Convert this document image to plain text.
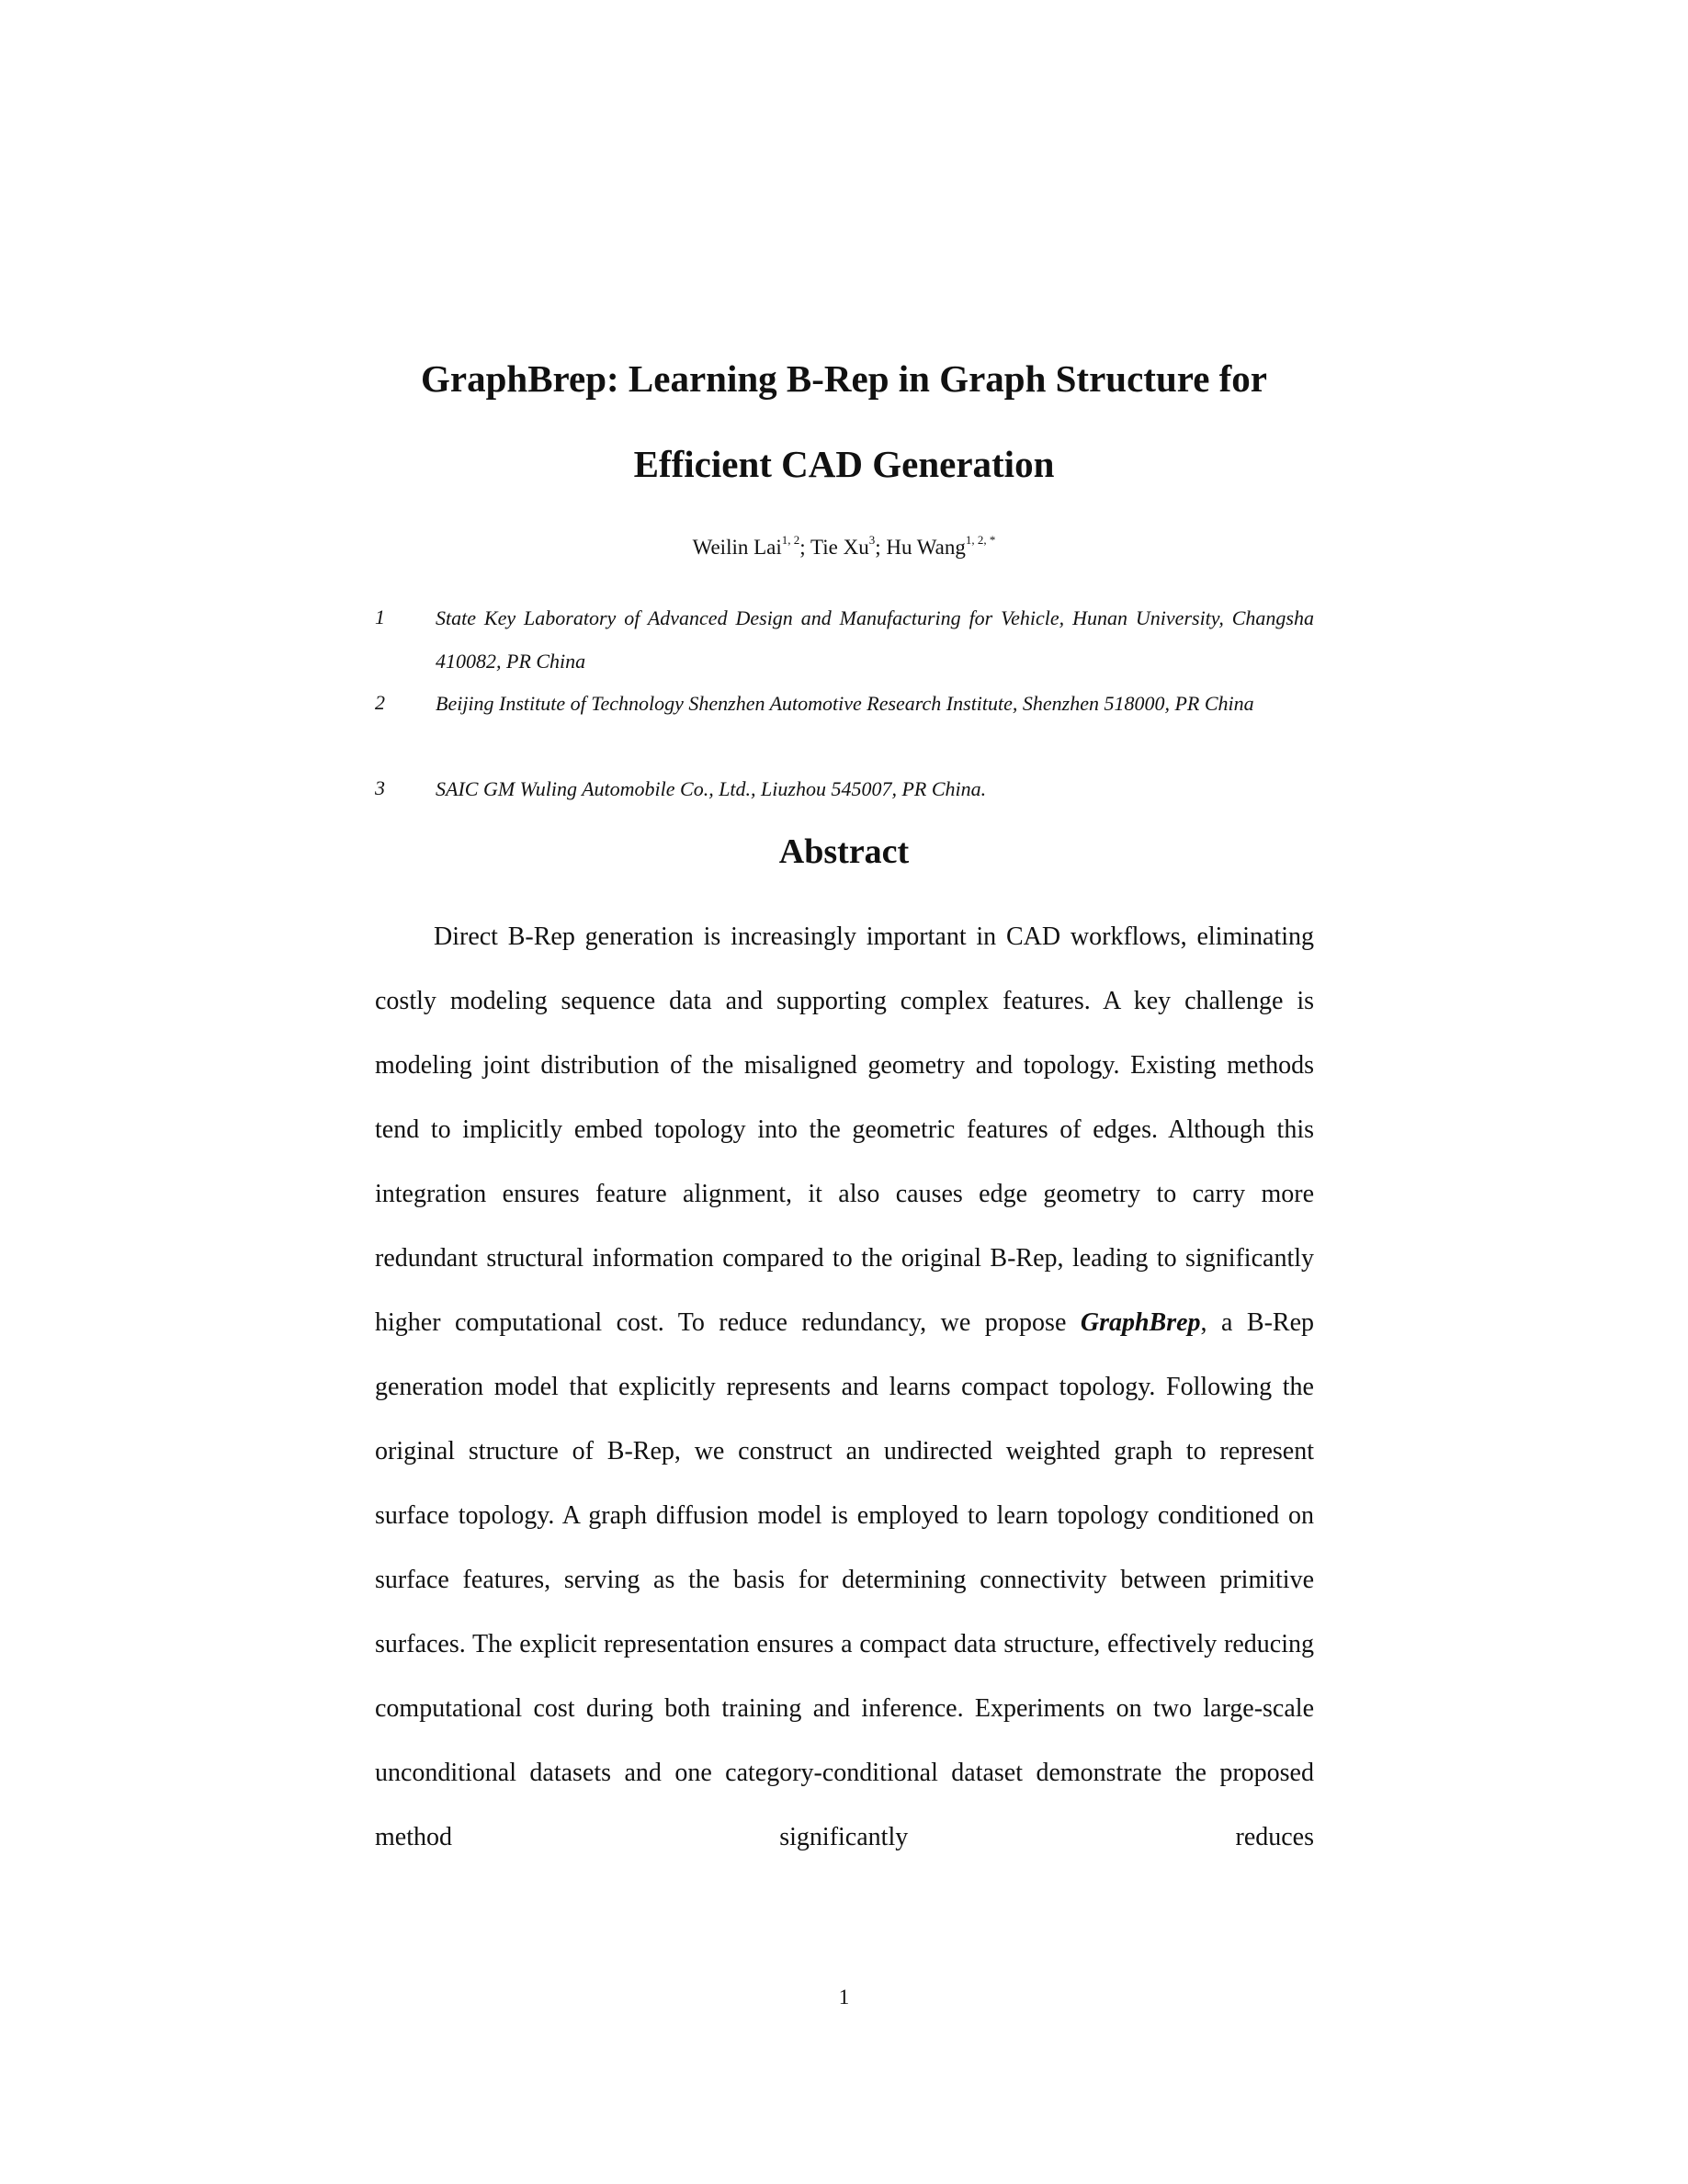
GraphBrep: Learning B-Rep in Graph Structure for
Efficient CAD Generation
Weilin Lai$^{1, 2}$; Tie Xu$^3$; Hu Wang$^{1, 2, *}$
1	State Key Laboratory of Advanced Design and Manufacturing for Vehicle, Hunan University, Changsha 410082, PR China
2	Beijing Institute of Technology Shenzhen Automotive Research Institute, Shenzhen 518000, PR China
3	SAIC GM Wuling Automobile Co., Ltd., Liuzhou 545007, PR China.
Abstract

Direct B-Rep generation is increasingly important in CAD workflows, eliminating costly modeling sequence data and supporting complex features. A key challenge is modeling joint distribution of the misaligned geometry and topology. Existing methods tend to implicitly embed topology into the geometric features of edges. Although this integration ensures feature alignment, it also causes edge geometry to carry more redundant structural information compared to the original B-Rep, leading to significantly higher computational cost. To reduce redundancy, we propose GraphBrep, a B-Rep generation model that explicitly represents and learns compact topology. Following the original structure of B-Rep, we construct an undirected weighted graph to represent surface topology. A graph diffusion model is employed to learn topology conditioned on surface features, serving as the basis for determining connectivity between primitive surfaces. The explicit representation ensures a compact data structure, effectively reducing computational cost during both training and inference. Experiments on two large-scale unconditional datasets and one category-conditional dataset demonstrate the proposed method significantly reduces

1
